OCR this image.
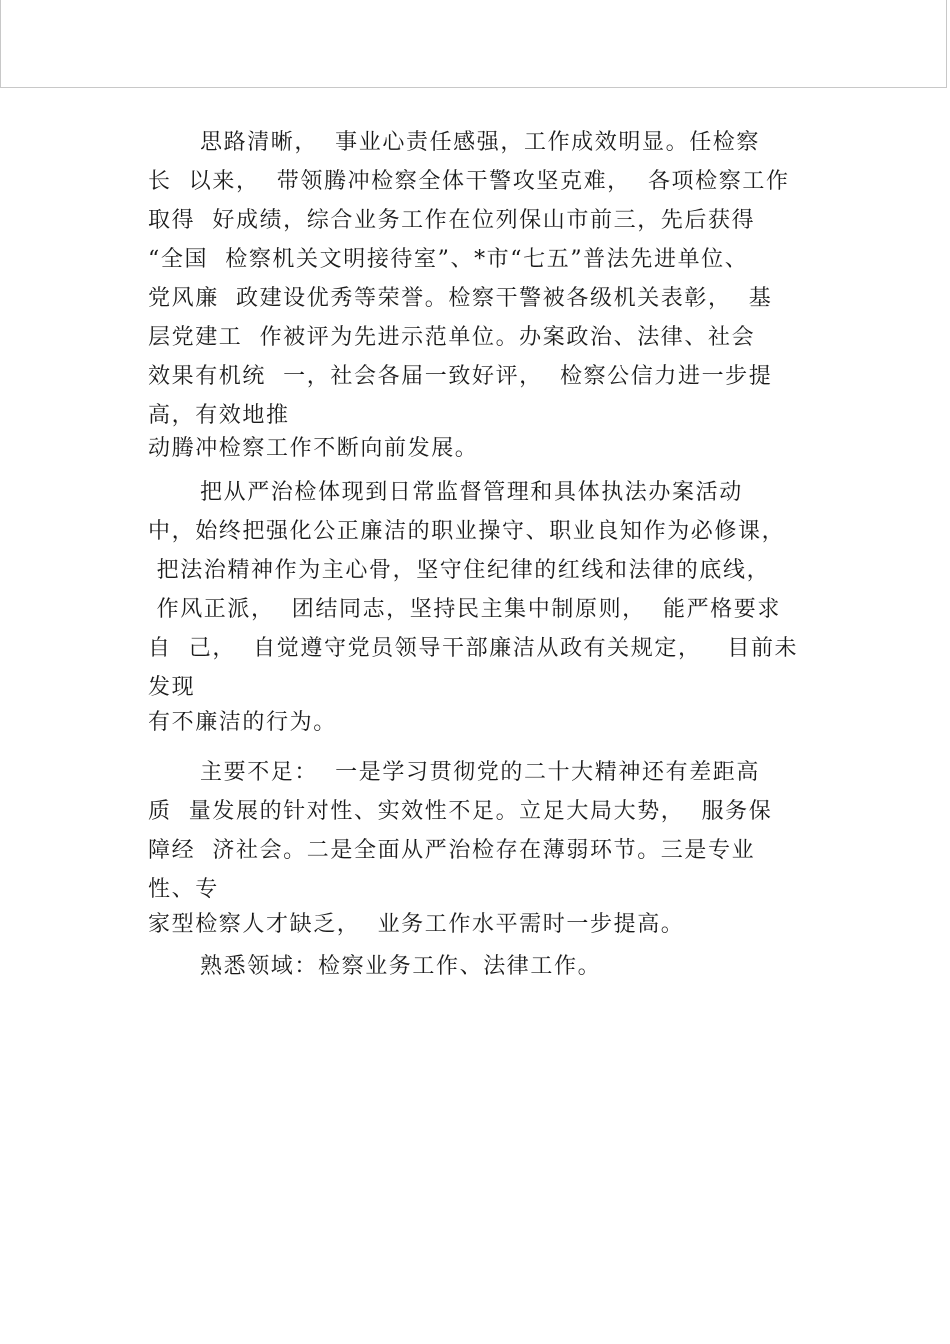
思路清晰，  事业心责任感强，工作成效明显。任检察
长  以来，  带领腾冲检察全体干警攻坚克难，  各项检察工作
取得  好成绩，综合业务工作在位列保山市前三，先后获得
“全国  检察机关文明接待室”、*市“七五”普法先进单位、
党风廉  政建设优秀等荣誉。检察干警被各级机关表彰，  基
层党建工  作被评为先进示范单位。办案政治、法律、社会
效果有机统  一，社会各届一致好评，  检察公信力进一步提
高，有效地推
动腾冲检察工作不断向前发展。
把从严治检体现到日常监督管理和具体执法办案活动
中，始终把强化公正廉洁的职业操守、职业良知作为必修课，
把法治精神作为主心骨，坚守住纪律的红线和法律的底线，
作风正派，  团结同志，坚持民主集中制原则，  能严格要求
自  己，  自觉遵守党员领导干部廉洁从政有关规定，   目前未
发现
有不廉洁的行为。
主要不足：  一是学习贯彻党的二十大精神还有差距高
质  量发展的针对性、实效性不足。立足大局大势，  服务保
障经  济社会。二是全面从严治检存在薄弱环节。三是专业
性、专
家型检察人才缺乏，  业务工作水平需时一步提高。
熟悉领域：检察业务工作、法律工作。
